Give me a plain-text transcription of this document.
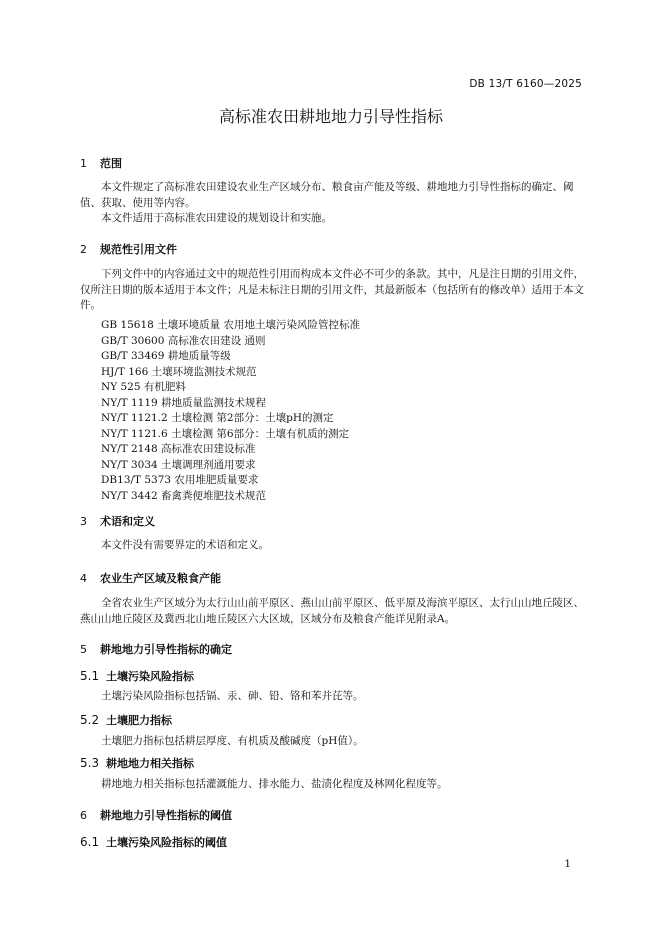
DB 13/T 6160—2025
高标准农田耕地地力引导性指标
1 范围
本文件规定了高标准农田建设农业生产区域分布、粮食亩产能及等级、耕地地力引导性指标的确定、阈值、获取、使用等内容。
本文件适用于高标准农田建设的规划设计和实施。
2 规范性引用文件
下列文件中的内容通过文中的规范性引用而构成本文件必不可少的条款。其中，凡是注日期的引用文件，仅所注日期的版本适用于本文件；凡是未标注日期的引用文件，其最新版本（包括所有的修改单）适用于本文件。
GB 15618 土壤环境质量 农用地土壤污染风险管控标准
GB/T 30600 高标准农田建设 通则
GB/T 33469 耕地质量等级
HJ/T 166 土壤环境监测技术规范
NY 525 有机肥料
NY/T 1119 耕地质量监测技术规程
NY/T 1121.2 土壤检测 第2部分：土壤pH的测定
NY/T 1121.6 土壤检测 第6部分：土壤有机质的测定
NY/T 2148 高标准农田建设标准
NY/T 3034 土壤调理剂通用要求
DB13/T 5373 农用堆肥质量要求
NY/T 3442 畜禽粪便堆肥技术规范
3 术语和定义
本文件没有需要界定的术语和定义。
4 农业生产区域及粮食产能
全省农业生产区域分为太行山山前平原区、燕山山前平原区、低平原及海滨平原区、太行山山地丘陵区、燕山山地丘陵区及冀西北山地丘陵区六大区域，区域分布及粮食产能详见附录A。
5 耕地地力引导性指标的确定
5.1 土壤污染风险指标
土壤污染风险指标包括镉、汞、砷、铅、铬和苯并芘等。
5.2 土壤肥力指标
土壤肥力指标包括耕层厚度、有机质及酸碱度（pH值）。
5.3 耕地地力相关指标
耕地地力相关指标包括灌溉能力、排水能力、盐渍化程度及林网化程度等。
6 耕地地力引导性指标的阈值
6.1 土壤污染风险指标的阈值
1
